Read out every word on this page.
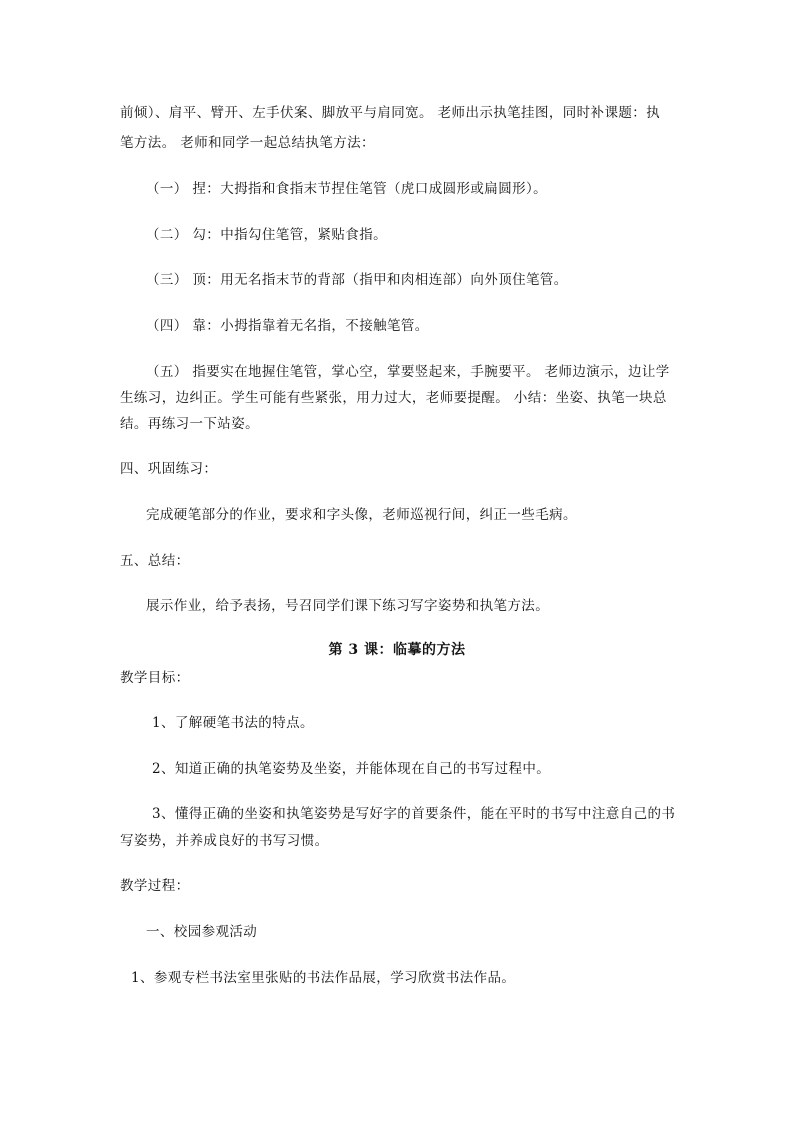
前倾）、肩平、臂开、左手伏案、脚放平与肩同宽。 老师出示执笔挂图，同时补课题：执
笔方法。 老师和同学一起总结执笔方法：
（一） 捏：大拇指和食指末节捏住笔管（虎口成圆形或扁圆形）。
（二） 勾：中指勾住笔管，紧贴食指。
（三） 顶：用无名指末节的背部（指甲和肉相连部）向外顶住笔管。
（四） 靠：小拇指靠着无名指，不接触笔管。
（五） 指要实在地握住笔管，掌心空，掌要竖起来，手腕要平。 老师边演示，边让学
生练习，边纠正。学生可能有些紧张，用力过大，老师要提醒。 小结：坐姿、执笔一块总
结。再练习一下站姿。
四、巩固练习：
完成硬笔部分的作业，要求和字头像，老师巡视行间，纠正一些毛病。
五、总结：
展示作业，给予表扬，号召同学们课下练习写字姿势和执笔方法。
第 3 课：临摹的方法
教学目标：
1、了解硬笔书法的特点。
2、知道正确的执笔姿势及坐姿，并能体现在自己的书写过程中。
3、懂得正确的坐姿和执笔姿势是写好字的首要条件，能在平时的书写中注意自己的书
写姿势，并养成良好的书写习惯。
教学过程：
一、校园参观活动
1、参观专栏书法室里张贴的书法作品展，学习欣赏书法作品。
